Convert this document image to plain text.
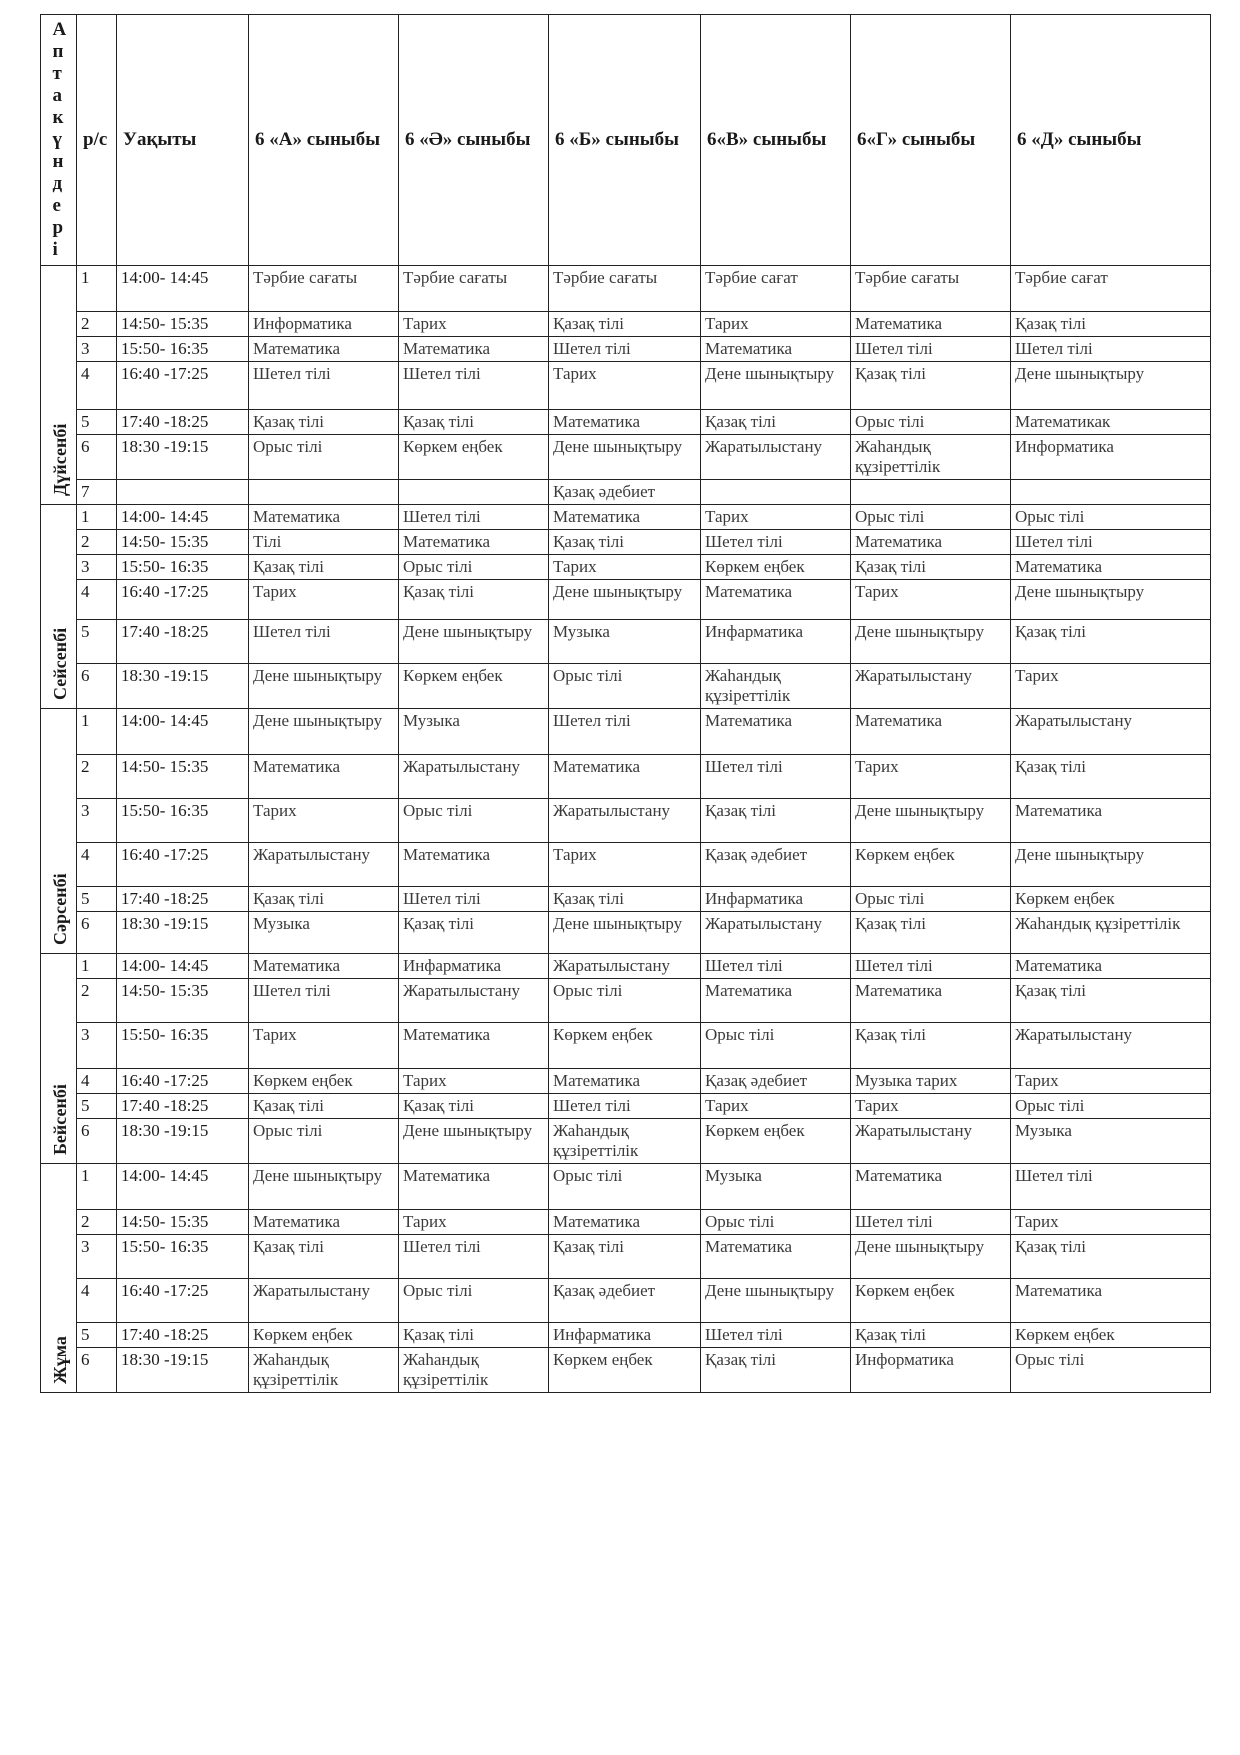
Апта күндері	р/с	Уақыты	6 «А» сыныбы	6 «Ә» сыныбы	6 «Б» сыныбы	6«В» сыныбы	6«Г» сыныбы	6 «Д» сыныбы

Дүйсенбі	1	14:00- 14:45	Тәрбие сағаты	Тәрбие сағаты	Тәрбие сағаты	Тәрбие сағат	Тәрбие сағаты	Тәрбие сағат
	2	14:50- 15:35	Информатика	Тарих	Қазақ тілі	Тарих	Математика	Қазақ тілі
	3	15:50- 16:35	Математика	Математика	Шетел тілі	Математика	Шетел тілі	Шетел тілі
	4	16:40 -17:25	Шетел тілі	Шетел тілі	Тарих	Дене шынықтыру	Қазақ тілі	Дене шынықтыру
	5	17:40 -18:25	Қазақ тілі	Қазақ тілі	Математика	Қазақ тілі	Орыс тілі	Математикак
	6	18:30 -19:15	Орыс тілі	Көркем еңбек	Дене шынықтыру	Жаратылыстану	Жаһандық құзіреттілік	Информатика
	7				Қазақ әдебиет			

Сейсенбі	1	14:00- 14:45	Математика	Шетел тілі	Математика	Тарих	Орыс тілі	Орыс тілі
	2	14:50- 15:35	Тілі	Математика	Қазақ тілі	Шетел тілі	Математика	Шетел тілі
	3	15:50- 16:35	Қазақ тілі	Орыс тілі	Тарих	Көркем еңбек	Қазақ тілі	Математика
	4	16:40 -17:25	Тарих	Қазақ тілі	Дене шынықтыру	Математика	Тарих	Дене шынықтыру
	5	17:40 -18:25	Шетел тілі	Дене шынықтыру	Музыка	Инфарматика	Дене шынықтыру	Қазақ тілі
	6	18:30 -19:15	Дене шынықтыру	Көркем еңбек	Орыс тілі	Жаһандық құзіреттілік	Жаратылыстану	Тарих

Сәрсенбі	1	14:00- 14:45	Дене шынықтыру	Музыка	Шетел тілі	Математика	Математика	Жаратылыстану
	2	14:50- 15:35	Математика	Жаратылыстану	Математика	Шетел тілі	Тарих	Қазақ тілі
	3	15:50- 16:35	Тарих	Орыс тілі	Жаратылыстану	Қазақ тілі	Дене шынықтыру	Математика
	4	16:40 -17:25	Жаратылыстану	Математика	Тарих	Қазақ әдебиет	Көркем еңбек	Дене шынықтыру
	5	17:40 -18:25	Қазақ тілі	Шетел тілі	Қазақ тілі	Инфарматика	Орыс тілі	Көркем еңбек
	6	18:30 -19:15	Музыка	Қазақ тілі	Дене шынықтыру	Жаратылыстану	Қазақ тілі	Жаһандық құзіреттілік

Бейсенбі	1	14:00- 14:45	Математика	Инфарматика	Жаратылыстану	Шетел тілі	Шетел тілі	Математика
	2	14:50- 15:35	Шетел тілі	Жаратылыстану	Орыс тілі	Математика	Математика	Қазақ тілі
	3	15:50- 16:35	Тарих	Математика	Көркем еңбек	Орыс тілі	Қазақ тілі	Жаратылыстану
	4	16:40 -17:25	Көркем еңбек	Тарих	Математика	Қазақ әдебиет	Музыка тарих	Тарих
	5	17:40 -18:25	Қазақ тілі	Қазақ тілі	Шетел тілі	Тарих	Тарих	Орыс тілі
	6	18:30 -19:15	Орыс тілі	Дене шынықтыру	Жаһандық құзіреттілік	Көркем еңбек	Жаратылыстану	Музыка

Жұма	1	14:00- 14:45	Дене шынықтыру	Математика	Орыс тілі	Музыка	Математика	Шетел тілі
	2	14:50- 15:35	Математика	Тарих	Математика	Орыс тілі	Шетел тілі	Тарих
	3	15:50- 16:35	Қазақ тілі	Шетел тілі	Қазақ тілі	Математика	Дене шынықтыру	Қазақ тілі
	4	16:40 -17:25	Жаратылыстану	Орыс тілі	Қазақ әдебиет	Дене шынықтыру	Көркем еңбек	Математика
	5	17:40 -18:25	Көркем еңбек	Қазақ тілі	Инфарматика	Шетел тілі	Қазақ тілі	Көркем еңбек
	6	18:30 -19:15	Жаһандық құзіреттілік	Жаһандық құзіреттілік	Көркем еңбек	Қазақ тілі	Информатика	Орыс тілі
